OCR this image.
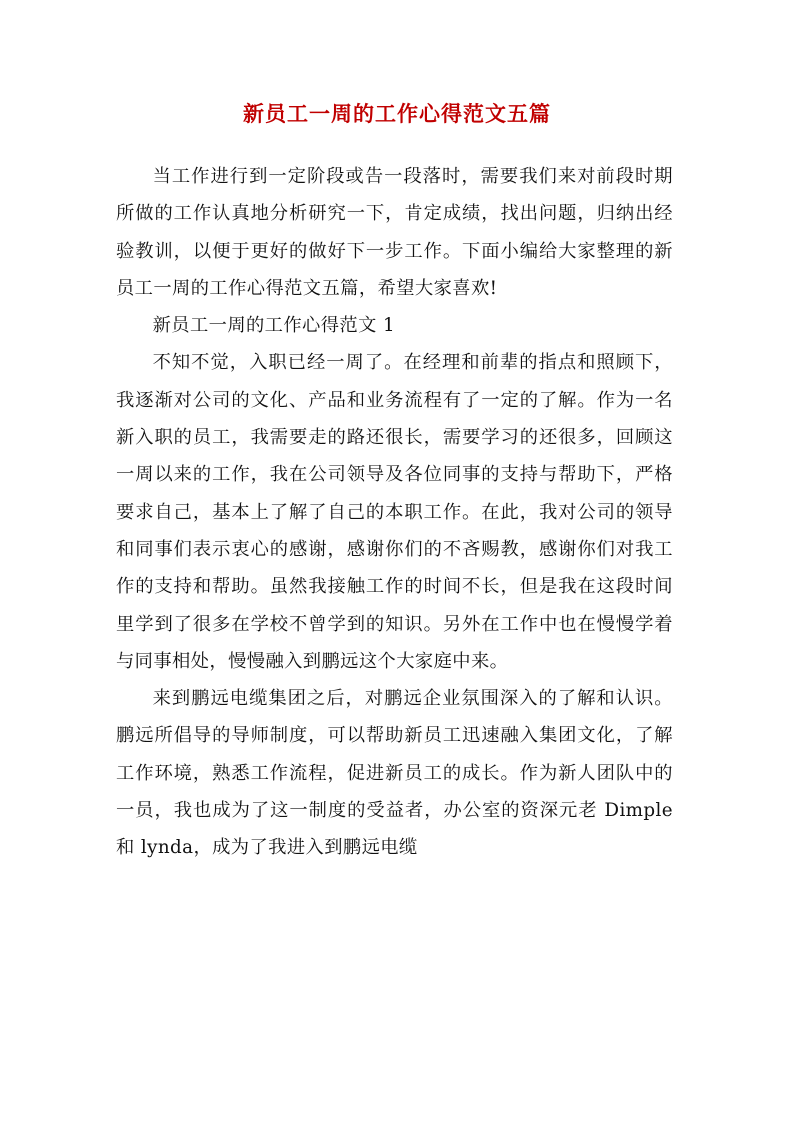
新员工一周的工作心得范文五篇

当工作进行到一定阶段或告一段落时，需要我们来对前段时期所做的工作认真地分析研究一下，肯定成绩，找出问题，归纳出经验教训，以便于更好的做好下一步工作。下面小编给大家整理的新员工一周的工作心得范文五篇，希望大家喜欢!

新员工一周的工作心得范文 1

不知不觉，入职已经一周了。在经理和前辈的指点和照顾下，我逐渐对公司的文化、产品和业务流程有了一定的了解。作为一名新入职的员工，我需要走的路还很长，需要学习的还很多，回顾这一周以来的工作，我在公司领导及各位同事的支持与帮助下，严格要求自己，基本上了解了自己的本职工作。在此，我对公司的领导和同事们表示衷心的感谢，感谢你们的不吝赐教，感谢你们对我工作的支持和帮助。虽然我接触工作的时间不长，但是我在这段时间里学到了很多在学校不曾学到的知识。另外在工作中也在慢慢学着与同事相处，慢慢融入到鹏远这个大家庭中来。

来到鹏远电缆集团之后，对鹏远企业氛围深入的了解和认识。鹏远所倡导的导师制度，可以帮助新员工迅速融入集团文化，了解工作环境，熟悉工作流程，促进新员工的成长。作为新人团队中的一员，我也成为了这一制度的受益者，办公室的资深元老 Dimple 和 lynda，成为了我进入到鹏远电缆
